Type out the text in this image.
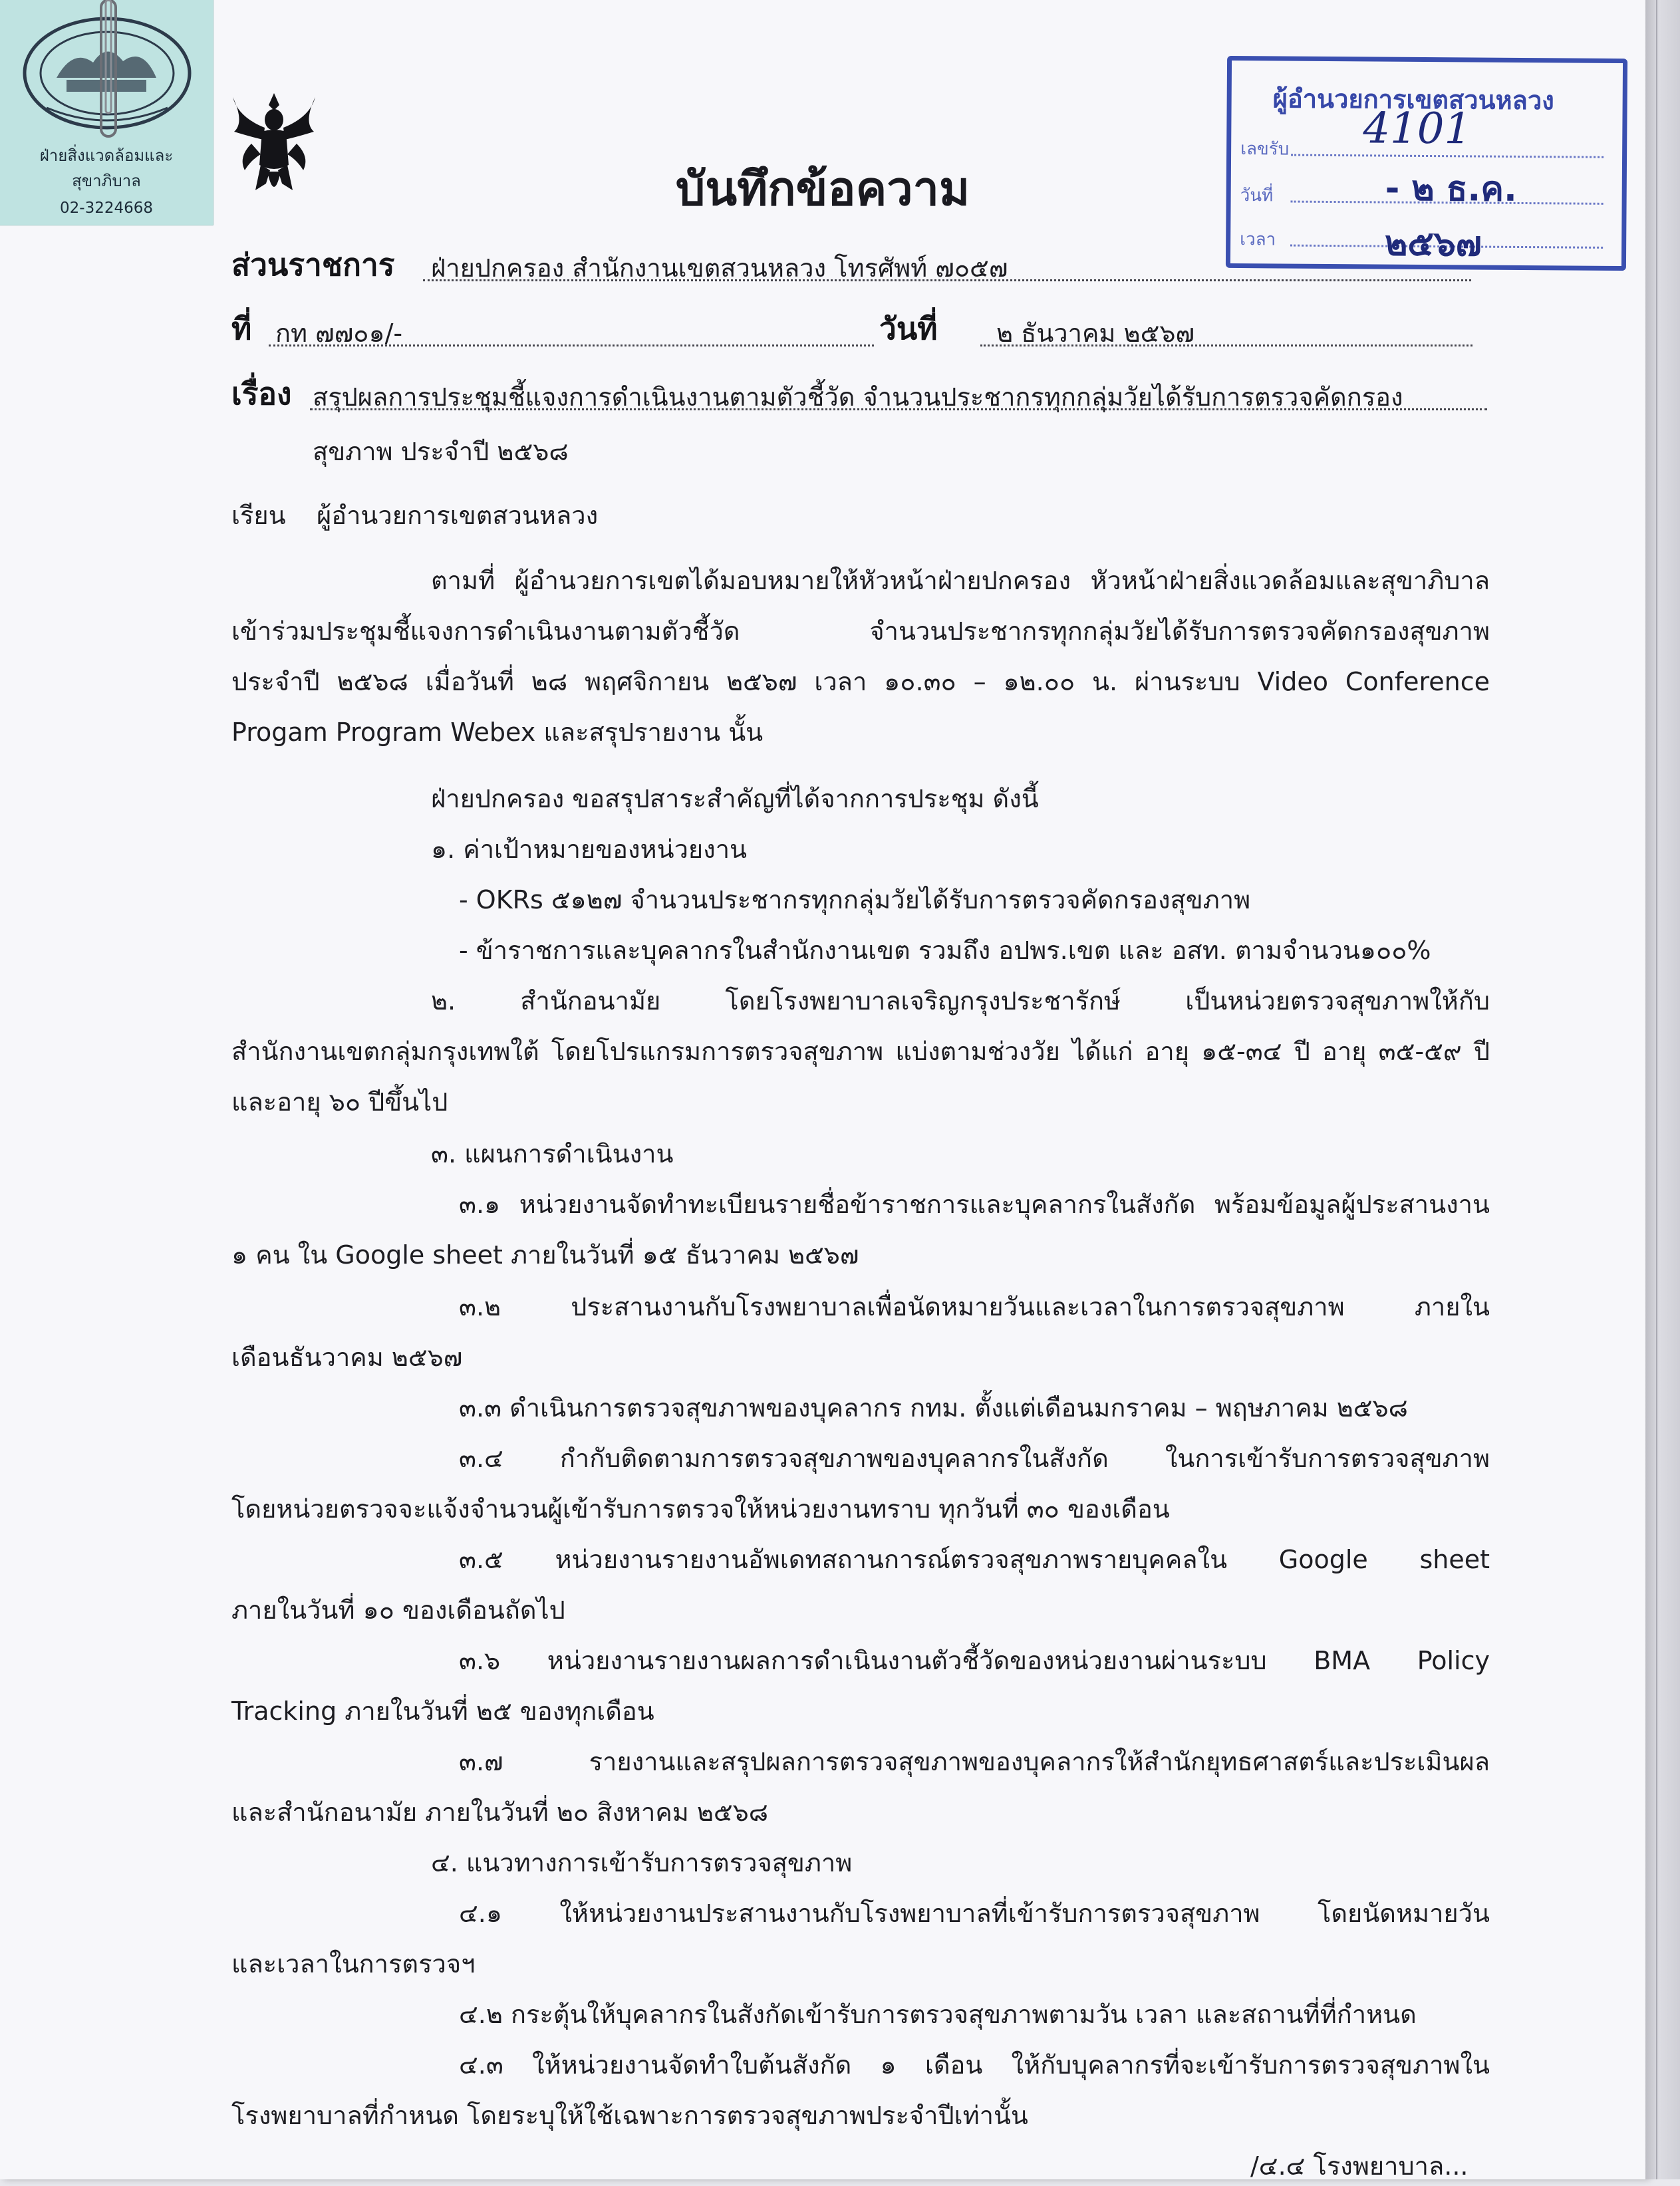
ฝ่ายสิ่งแวดล้อมและ
สุขาภิบาล
02-3224668
ผู้อำนวยการเขตสวนหลวง
เลขรับ
วันที่
เวลา
4101
- ๒ ธ.ค. ๒๕๖๗
บันทึกข้อความ
ส่วนราชการ ฝ่ายปกครอง สำนักงานเขตสวนหลวง โทรศัพท์ ๗๐๕๗
ที่ กท ๗๗๐๑/-	วันที่ ๒ ธันวาคม ๒๕๖๗
เรื่อง สรุปผลการประชุมชี้แจงการดำเนินงานตามตัวชี้วัด จำนวนประชากรทุกกลุ่มวัยได้รับการตรวจคัดกรอง
สุขภาพ ประจำปี ๒๕๖๘
เรียน ผู้อำนวยการเขตสวนหลวง
ตามที่ ผู้อำนวยการเขตได้มอบหมายให้หัวหน้าฝ่ายปกครอง หัวหน้าฝ่ายสิ่งแวดล้อมและสุขาภิบาล
เข้าร่วมประชุมชี้แจงการดำเนินงานตามตัวชี้วัด จำนวนประชากรทุกกลุ่มวัยได้รับการตรวจคัดกรองสุขภาพ
ประจำปี ๒๕๖๘ เมื่อวันที่ ๒๘ พฤศจิกายน ๒๕๖๗ เวลา ๑๐.๓๐ – ๑๒.๐๐ น. ผ่านระบบ Video Conference
Progam Program Webex และสรุปรายงาน นั้น
ฝ่ายปกครอง ขอสรุปสาระสำคัญที่ได้จากการประชุม ดังนี้
๑. ค่าเป้าหมายของหน่วยงาน
- OKRs ๕๑๒๗ จำนวนประชากรทุกกลุ่มวัยได้รับการตรวจคัดกรองสุขภาพ
- ข้าราชการและบุคลากรในสำนักงานเขต รวมถึง อปพร.เขต และ อสท. ตามจำนวน๑๐๐%
๒. สำนักอนามัย โดยโรงพยาบาลเจริญกรุงประชารักษ์ เป็นหน่วยตรวจสุขภาพให้กับ
สำนักงานเขตกลุ่มกรุงเทพใต้ โดยโปรแกรมการตรวจสุขภาพ แบ่งตามช่วงวัย ได้แก่ อายุ ๑๕-๓๔ ปี อายุ ๓๕-๕๙ ปี
และอายุ ๖๐ ปีขึ้นไป
๓. แผนการดำเนินงาน
๓.๑ หน่วยงานจัดทำทะเบียนรายชื่อข้าราชการและบุคลากรในสังกัด พร้อมข้อมูลผู้ประสานงาน
๑ คน ใน Google sheet ภายในวันที่ ๑๕ ธันวาคม ๒๕๖๗
๓.๒ ประสานงานกับโรงพยาบาลเพื่อนัดหมายวันและเวลาในการตรวจสุขภาพ ภายใน
เดือนธันวาคม ๒๕๖๗
๓.๓ ดำเนินการตรวจสุขภาพของบุคลากร กทม. ตั้งแต่เดือนมกราคม – พฤษภาคม ๒๕๖๘
๓.๔ กำกับติดตามการตรวจสุขภาพของบุคลากรในสังกัด ในการเข้ารับการตรวจสุขภาพ
โดยหน่วยตรวจจะแจ้งจำนวนผู้เข้ารับการตรวจให้หน่วยงานทราบ ทุกวันที่ ๓๐ ของเดือน
๓.๕ หน่วยงานรายงานอัพเดทสถานการณ์ตรวจสุขภาพรายบุคคลใน Google sheet
ภายในวันที่ ๑๐ ของเดือนถัดไป
๓.๖ หน่วยงานรายงานผลการดำเนินงานตัวชี้วัดของหน่วยงานผ่านระบบ BMA Policy
Tracking ภายในวันที่ ๒๕ ของทุกเดือน
๓.๗ รายงานและสรุปผลการตรวจสุขภาพของบุคลากรให้สำนักยุทธศาสตร์และประเมินผล
และสำนักอนามัย ภายในวันที่ ๒๐ สิงหาคม ๒๕๖๘
๔. แนวทางการเข้ารับการตรวจสุขภาพ
๔.๑ ให้หน่วยงานประสานงานกับโรงพยาบาลที่เข้ารับการตรวจสุขภาพ โดยนัดหมายวัน
และเวลาในการตรวจฯ
๔.๒ กระตุ้นให้บุคลากรในสังกัดเข้ารับการตรวจสุขภาพตามวัน เวลา และสถานที่ที่กำหนด
๔.๓ ให้หน่วยงานจัดทำใบต้นสังกัด ๑ เดือน ให้กับบุคลากรที่จะเข้ารับการตรวจสุขภาพใน
โรงพยาบาลที่กำหนด โดยระบุให้ใช้เฉพาะการตรวจสุขภาพประจำปีเท่านั้น
/๔.๔ โรงพยาบาล...
